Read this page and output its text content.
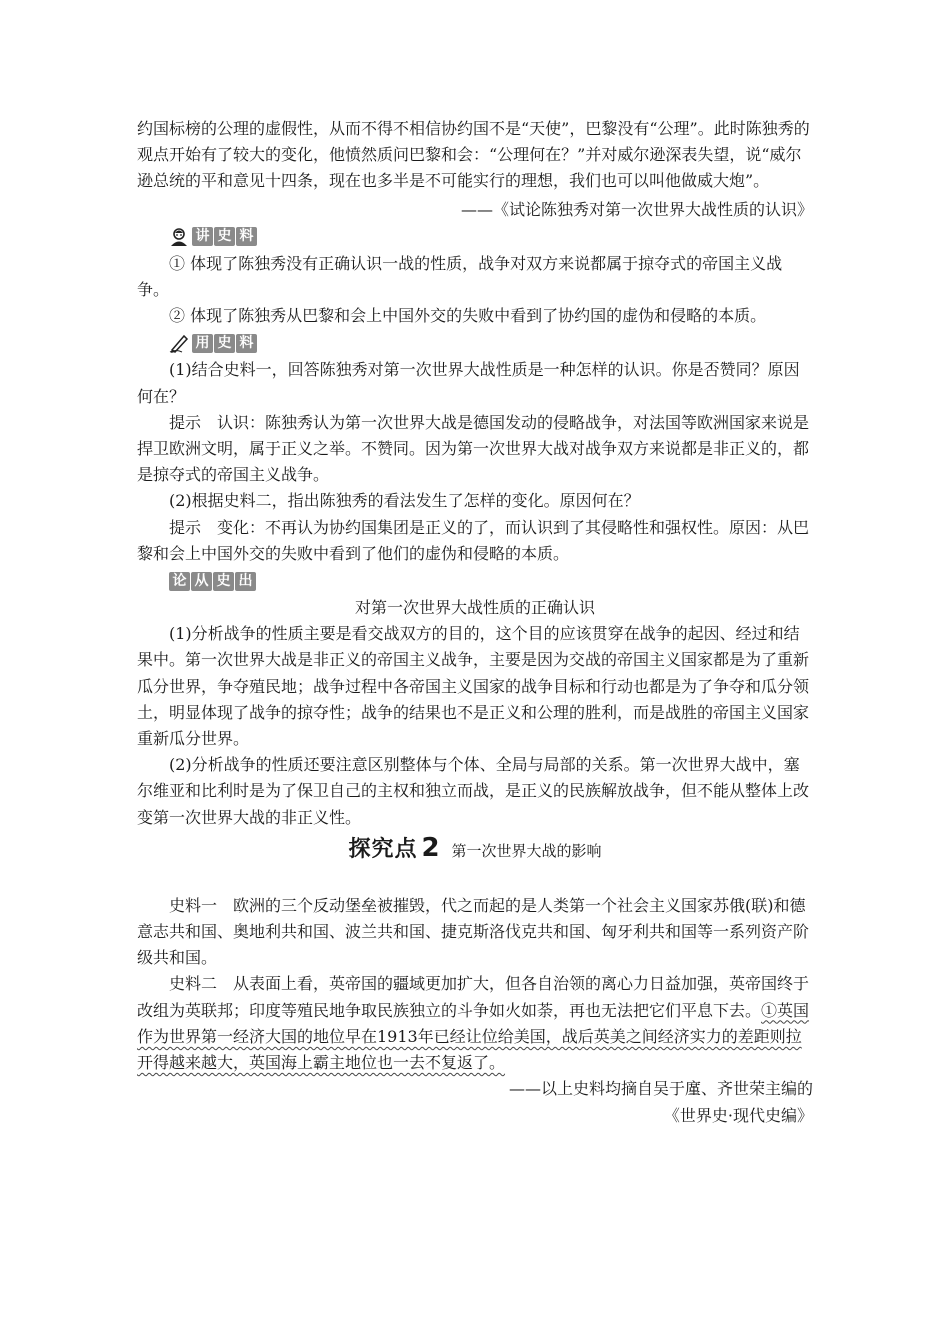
约国标榜的公理的虚假性，从而不得不相信协约国不是“天使”，巴黎没有“公理”。此时陈独秀的观点开始有了较大的变化，他愤然质问巴黎和会：“公理何在？”并对威尔逊深表失望，说“威尔逊总统的平和意见十四条，现在也多半是不可能实行的理想，我们也可以叫他做威大炮”。

——《试论陈独秀对第一次世界大战性质的认识》

讲 史 料

① 体现了陈独秀没有正确认识一战的性质，战争对双方来说都属于掠夺式的帝国主义战争。

② 体现了陈独秀从巴黎和会上中国外交的失败中看到了协约国的虚伪和侵略的本质。

用 史 料

(1)结合史料一，回答陈独秀对第一次世界大战性质是一种怎样的认识。你是否赞同？原因何在？

提示　认识：陈独秀认为第一次世界大战是德国发动的侵略战争，对法国等欧洲国家来说是捍卫欧洲文明，属于正义之举。不赞同。因为第一次世界大战对战争双方来说都是非正义的，都是掠夺式的帝国主义战争。

(2)根据史料二，指出陈独秀的看法发生了怎样的变化。原因何在？

提示　变化：不再认为协约国集团是正义的了，而认识到了其侵略性和强权性。原因：从巴黎和会上中国外交的失败中看到了他们的虚伪和侵略的本质。

论 从 史 出

对第一次世界大战性质的正确认识

(1)分析战争的性质主要是看交战双方的目的，这个目的应该贯穿在战争的起因、经过和结果中。第一次世界大战是非正义的帝国主义战争，主要是因为交战的帝国主义国家都是为了重新瓜分世界，争夺殖民地；战争过程中各帝国主义国家的战争目标和行动也都是为了争夺和瓜分领土，明显体现了战争的掠夺性；战争的结果也不是正义和公理的胜利，而是战胜的帝国主义国家重新瓜分世界。

(2)分析战争的性质还要注意区别整体与个体、全局与局部的关系。第一次世界大战中，塞尔维亚和比利时是为了保卫自己的主权和独立而战，是正义的民族解放战争，但不能从整体上改变第一次世界大战的非正义性。

探究点 2 第一次世界大战的影响

史料一　欧洲的三个反动堡垒被摧毁，代之而起的是人类第一个社会主义国家苏俄(联)和德意志共和国、奥地利共和国、波兰共和国、捷克斯洛伐克共和国、匈牙利共和国等一系列资产阶级共和国。

史料二　从表面上看，英帝国的疆域更加扩大，但各自治领的离心力日益加强，英帝国终于改组为英联邦；印度等殖民地争取民族独立的斗争如火如荼，再也无法把它们平息下去。①英国作为世界第一经济大国的地位早在1913年已经让位给美国，战后英美之间经济实力的差距则拉开得越来越大，英国海上霸主地位也一去不复返了。

——以上史料均摘自吴于廑、齐世荣主编的

《世界史·现代史编》
